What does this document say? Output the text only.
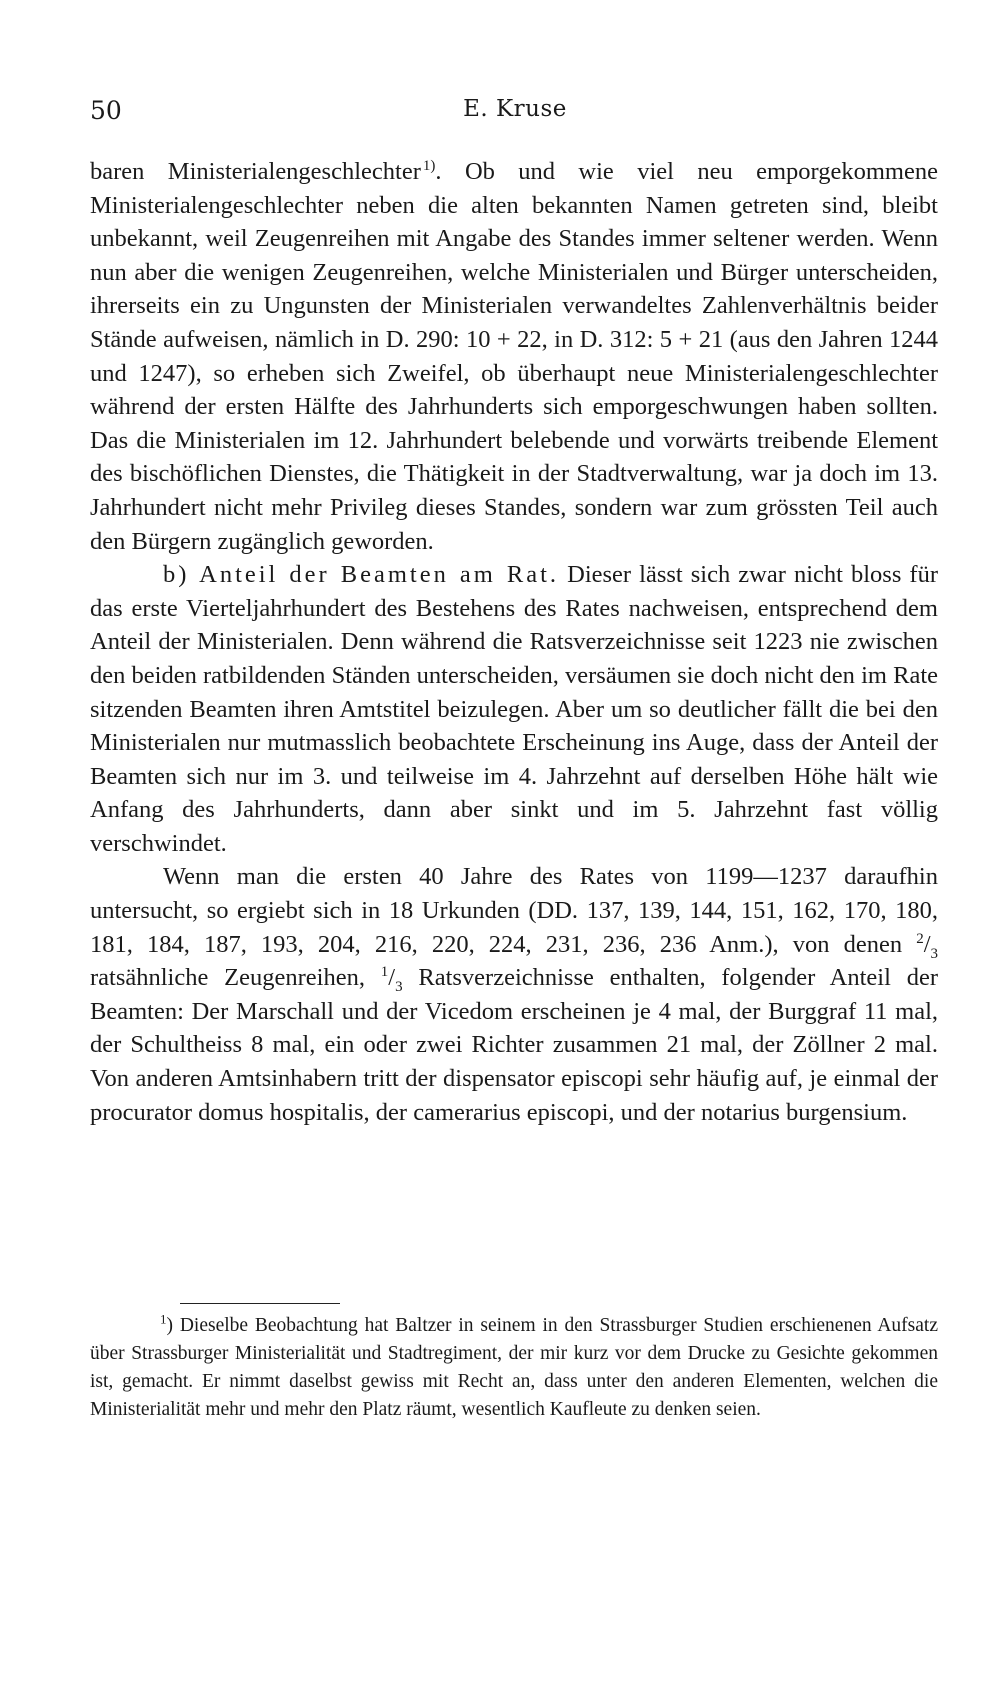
50	E. Kruse

baren Ministerialengeschlechter  $^{1)}$. Ob und wie viel neu emporgekommene Ministerialengeschlechter neben die alten bekannten Namen getreten sind, bleibt unbekannt, weil Zeugenreihen mit Angabe des Standes immer seltener werden. Wenn nun aber die wenigen Zeugenreihen, welche Ministerialen und Bürger unterscheiden, ihrerseits ein zu Ungunsten der Ministerialen verwandeltes Zahlenverhältnis beider Stände aufweisen, nämlich in D. 290: 10 + 22, in D. 312: 5 + 21 (aus den Jahren 1244 und 1247), so erheben sich Zweifel, ob überhaupt neue Ministerialengeschlechter während der ersten Hälfte des Jahrhunderts sich emporgeschwungen haben sollten. Das die Ministerialen im 12. Jahrhundert belebende und vorwärts treibende Element des bischöflichen Dienstes, die Thätigkeit in der Stadtverwaltung, war ja doch im 13. Jahrhundert nicht mehr Privileg dieses Standes, sondern war zum grössten Teil auch den Bürgern zugänglich geworden.

b) Anteil der Beamten am Rat. Dieser lässt sich zwar nicht bloss für das erste Vierteljahrhundert des Bestehens des Rates nachweisen, entsprechend dem Anteil der Ministerialen. Denn während die Ratsverzeichnisse seit 1223 nie zwischen den beiden ratbildenden Ständen unterscheiden, versäumen sie doch nicht den im Rate sitzenden Beamten ihren Amtstitel beizulegen. Aber um so deutlicher fällt die bei den Ministerialen nur mutmasslich beobachtete Erscheinung ins Auge, dass der Anteil der Beamten sich nur im 3. und teilweise im 4. Jahrzehnt auf derselben Höhe hält wie Anfang des Jahrhunderts, dann aber sinkt und im 5. Jahrzehnt fast völlig verschwindet.

Wenn man die ersten 40 Jahre des Rates von 1199—1237 daraufhin untersucht, so ergiebt sich in 18 Urkunden (DD. 137, 139, 144, 151, 162, 170, 180, 181, 184, 187, 193, 204, 216, 220, 224, 231, 236, 236 Anm.), von denen $^2/_3$ ratsähnliche Zeugenreihen, $^1/_3$ Ratsverzeichnisse enthalten, folgender Anteil der Beamten: Der Marschall und der Vicedom erscheinen je 4 mal, der Burggraf 11 mal, der Schultheiss 8 mal, ein oder zwei Richter zusammen 21 mal, der Zöllner 2 mal. Von anderen Amtsinhabern tritt der dispensator episcopi sehr häufig auf, je einmal der procurator domus hospitalis, der camerarius episcopi, und der notarius burgensium.

$^1$) Dieselbe Beobachtung hat Baltzer in seinem in den Strassburger Studien erschienenen Aufsatz über Strassburger Ministerialität und Stadtregiment, der mir kurz vor dem Drucke zu Gesichte gekommen ist, gemacht. Er nimmt daselbst gewiss mit Recht an, dass unter den anderen Elementen, welchen die Ministerialität mehr und mehr den Platz räumt, wesentlich Kaufleute zu denken seien.
